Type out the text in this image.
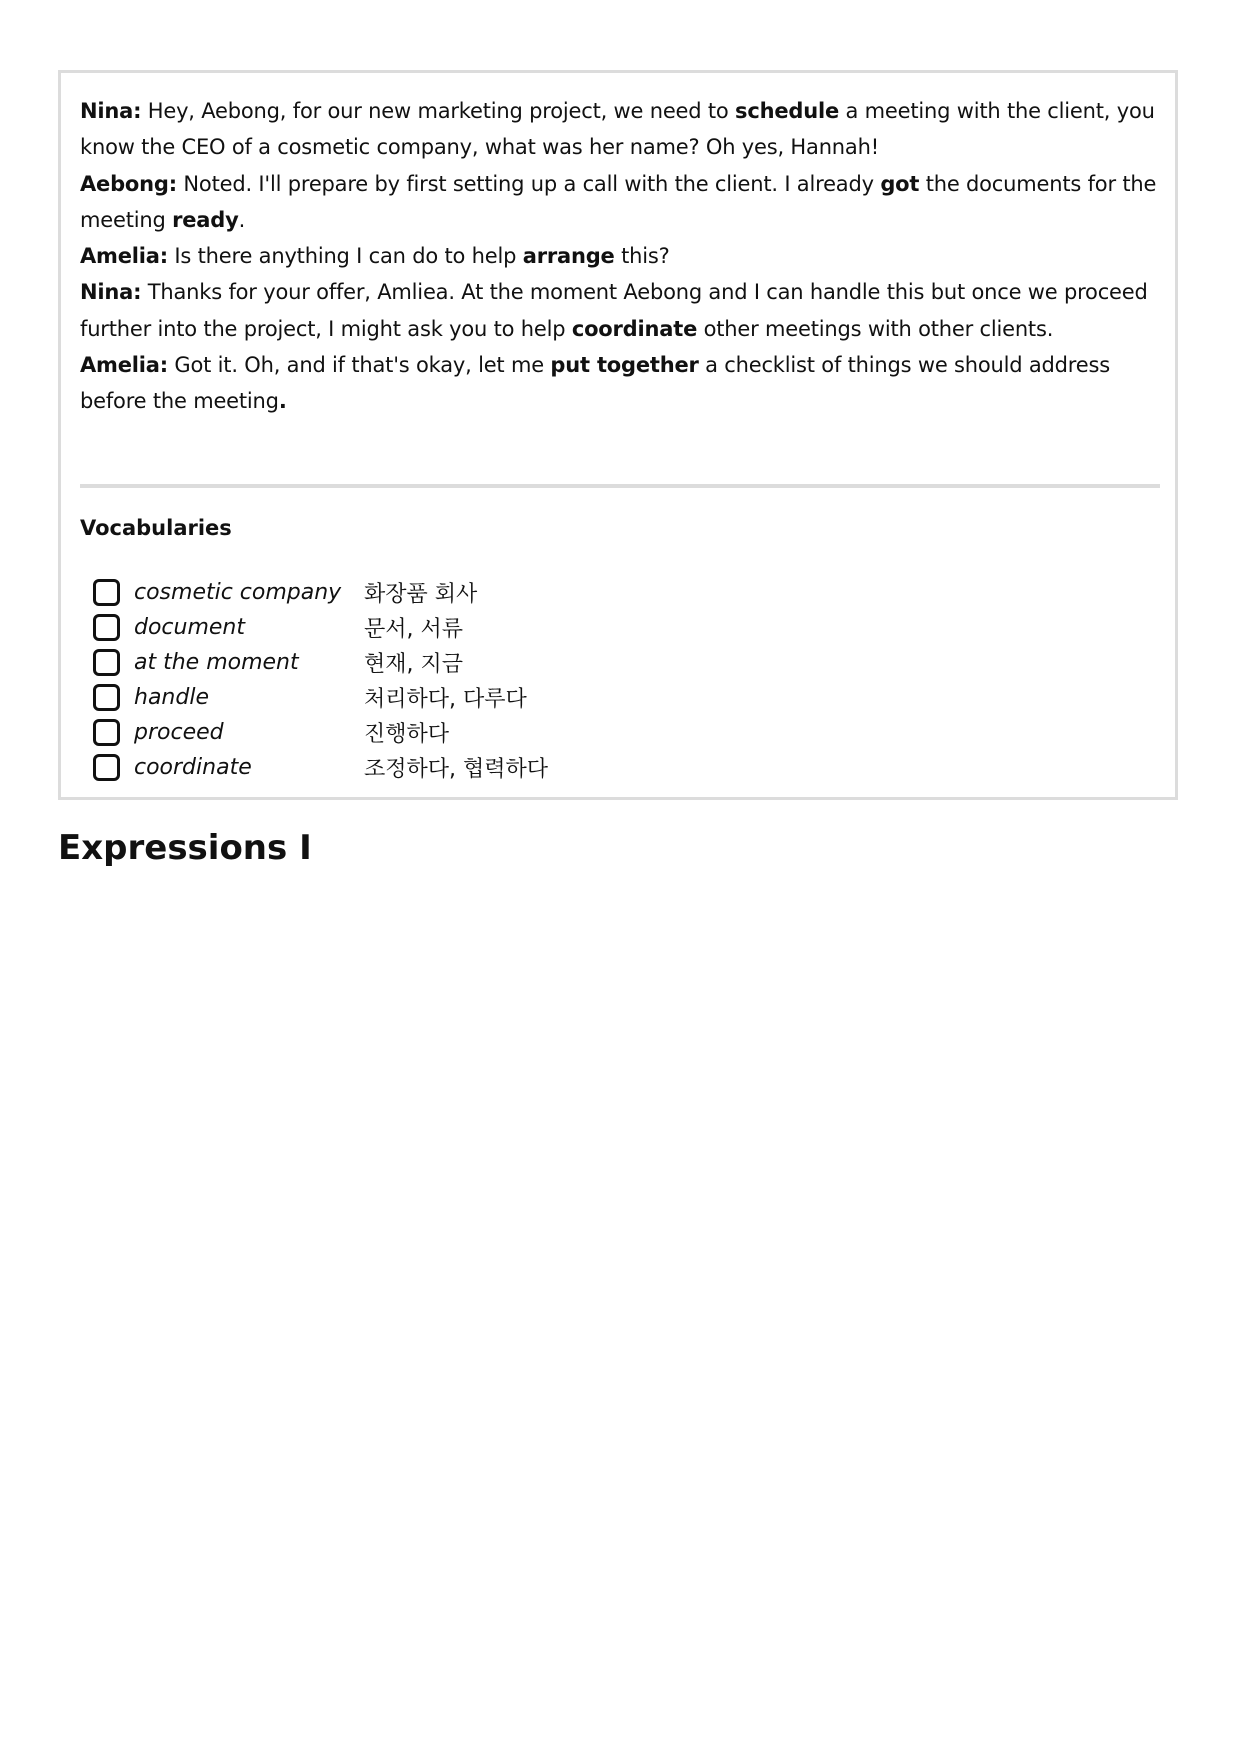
Nina: Hey, Aebong, for our new marketing project, we need to schedule a meeting with the client, you know the CEO of a cosmetic company, what was her name? Oh yes, Hannah!
Aebong: Noted. I'll prepare by first setting up a call with the client. I already got the documents for the meeting ready.
Amelia: Is there anything I can do to help arrange this?
Nina: Thanks for your offer, Amliea. At the moment Aebong and I can handle this but once we proceed further into the project, I might ask you to help coordinate other meetings with other clients.
Amelia: Got it. Oh, and if that's okay, let me put together a checklist of things we should address before the meeting.
Vocabularies
cosmetic company	화장품 회사
document	문서, 서류
at the moment	현재, 지금
handle	처리하다, 다루다
proceed	진행하다
coordinate	조정하다, 협력하다
Expressions I
